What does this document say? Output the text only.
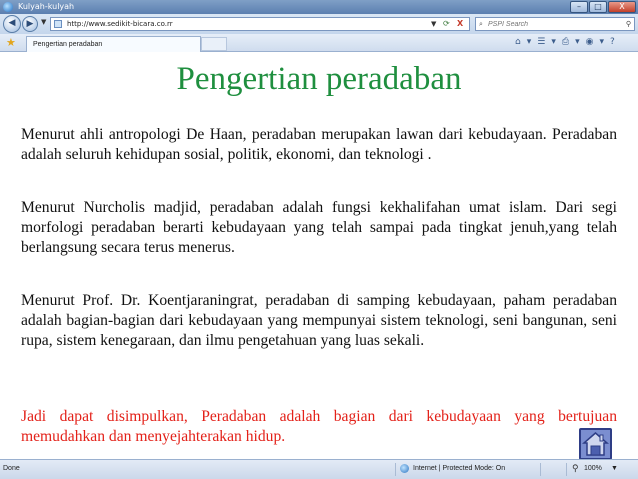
Kulyah-kulyah	–	□	X
◀	▶	▼	http://www.sedikit-bicara.co.rr	▼ ⟳ X ⌕
PSPI Search	⚲
★	Pengertian peradaban	⌂ ▾ ☰ ▾ ⎙ ▾ ◉ ▾ ?
Pengertian peradaban

Menurut ahli antropologi De Haan, peradaban merupakan lawan dari kebudayaan. Peradaban adalah seluruh kehidupan sosial, politik, ekonomi, dan teknologi .

Menurut Nurcholis madjid, peradaban adalah fungsi kekhalifahan umat islam. Dari segi morfologi peradaban berarti kebudayaan yang telah sampai pada tingkat jenuh,yang telah berlangsung secara terus menerus.

Menurut Prof. Dr. Koentjaraningrat, peradaban di samping kebudayaan, paham peradaban adalah bagian-bagian dari kebudayaan yang mempunyai sistem teknologi, seni bangunan, seni rupa, sistem kenegaraan, dan ilmu pengetahuan yang luas sekali.

Jadi dapat disimpulkan, Peradaban adalah bagian dari kebudayaan yang bertujuan memudahkan dan menyejahterakan hidup.

Done	Internet | Protected Mode: On	⚲ 100% ▼
